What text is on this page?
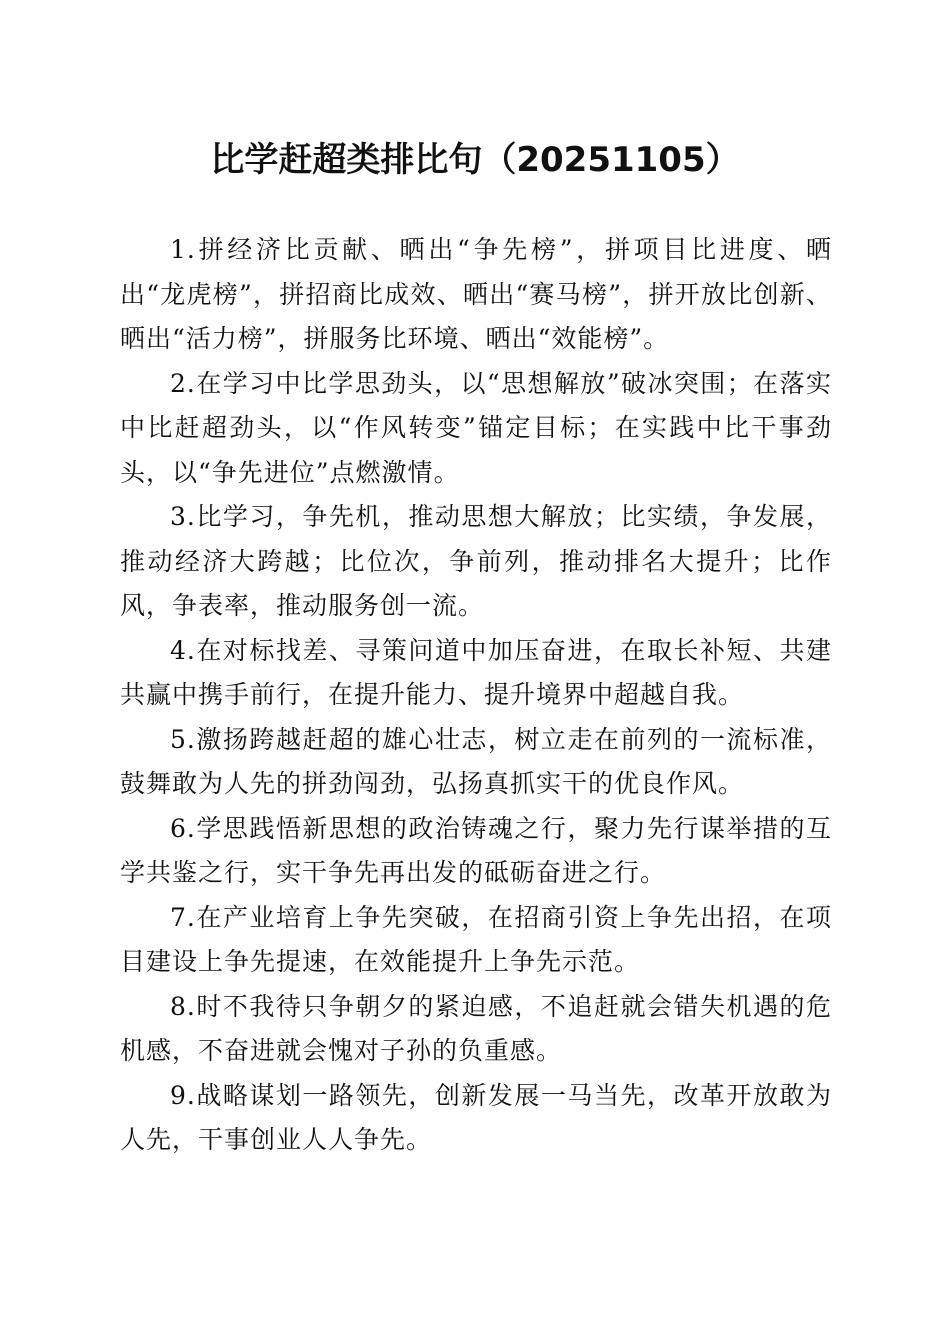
比学赶超类排比句（20251105）

1.拼经济比贡献、晒出“争先榜”，拼项目比进度、晒出“龙虎榜”，拼招商比成效、晒出“赛马榜”，拼开放比创新、晒出“活力榜”，拼服务比环境、晒出“效能榜”。

2.在学习中比学思劲头，以“思想解放”破冰突围；在落实中比赶超劲头，以“作风转变”锚定目标；在实践中比干事劲头，以“争先进位”点燃激情。

3.比学习，争先机，推动思想大解放；比实绩，争发展，推动经济大跨越；比位次，争前列，推动排名大提升；比作风，争表率，推动服务创一流。

4.在对标找差、寻策问道中加压奋进，在取长补短、共建共赢中携手前行，在提升能力、提升境界中超越自我。

5.激扬跨越赶超的雄心壮志，树立走在前列的一流标准，鼓舞敢为人先的拼劲闯劲，弘扬真抓实干的优良作风。

6.学思践悟新思想的政治铸魂之行，聚力先行谋举措的互学共鉴之行，实干争先再出发的砥砺奋进之行。

7.在产业培育上争先突破，在招商引资上争先出招，在项目建设上争先提速，在效能提升上争先示范。

8.时不我待只争朝夕的紧迫感，不追赶就会错失机遇的危机感，不奋进就会愧对子孙的负重感。

9.战略谋划一路领先，创新发展一马当先，改革开放敢为人先，干事创业人人争先。
